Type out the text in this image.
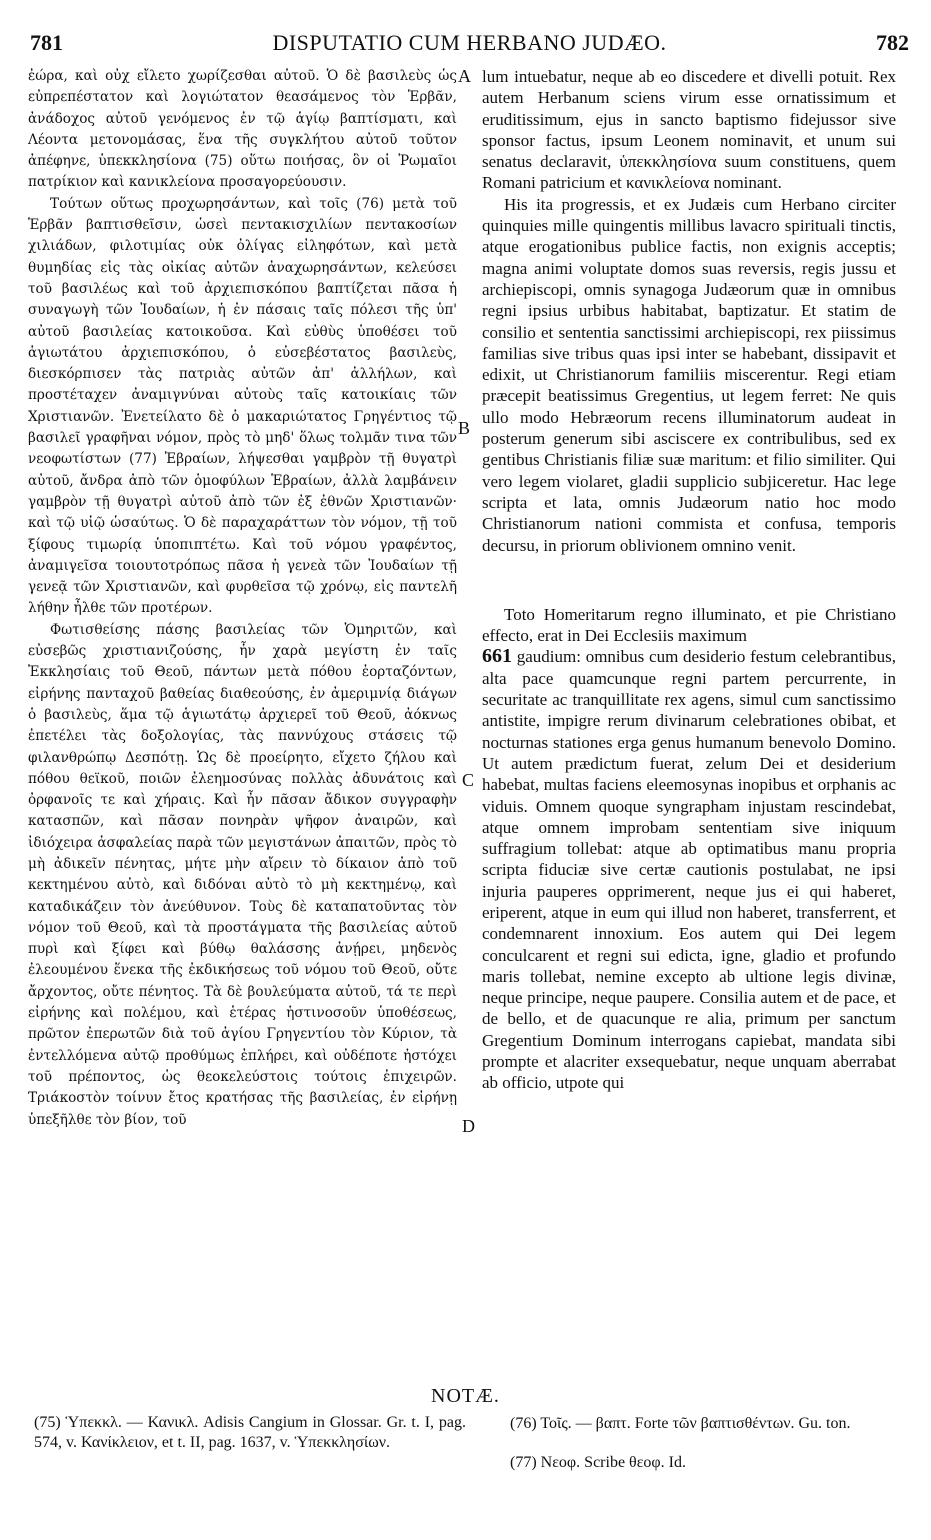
781	DISPUTATIO CUM HERBANO JUDÆO.	782

ἐώρα, καὶ οὐχ εἴλετο χωρίζεσθαι αὐτοῦ. Ὁ δὲ βασιλεὺς ὡς εὐπρεπέστατον καὶ λογιώτατον θεασάμενος τὸν Ἑρβᾶν, ἀνάδοχος αὐτοῦ γενόμενος ἐν τῷ ἁγίῳ βαπτίσματι, καὶ Λέοντα μετονομάσας, ἕνα τῆς συγκλήτου αὐτοῦ τοῦτον ἀπέφηνε, ὑπεκκλησίονα (75) οὕτω ποιήσας, ὃν οἱ Ῥωμαῖοι πατρίκιον καὶ κανικλείονα προσαγορεύουσιν.

Τούτων οὕτως προχωρησάντων, καὶ τοῖς (76) μετὰ τοῦ Ἑρβᾶν βαπτισθεῖσιν, ὡσεὶ πεντακισχιλίων πεντακοσίων χιλιάδων, φιλοτιμίας οὐκ ὀλίγας εἰληφότων, καὶ μετὰ θυμηδίας εἰς τὰς οἰκίας αὐτῶν ἀναχωρησάντων, κελεύσει τοῦ βασιλέως καὶ τοῦ ἀρχιεπισκόπου βαπτίζεται πᾶσα ἡ συναγωγὴ τῶν Ἰουδαίων, ἡ ἐν πάσαις ταῖς πόλεσι τῆς ὑπ' αὐτοῦ βασιλείας κατοικοῦσα. Καὶ εὐθὺς ὑποθέσει τοῦ ἁγιωτάτου ἀρχιεπισκόπου, ὁ εὐσεβέστατος βασιλεὺς, διεσκόρπισεν τὰς πατριὰς αὐτῶν ἀπ' ἀλλήλων, καὶ προστέταχεν ἀναμιγνύναι αὐτοὺς ταῖς κατοικίαις τῶν Χριστιανῶν. Ἐνετείλατο δὲ ὁ μακαριώτατος Γρηγέντιος τῷ βασιλεῖ γραφῆναι νόμον, πρὸς τὸ μηδ' ὅλως τολμᾶν τινα τῶν νεοφωτίστων (77) Ἑβραίων, λήψεσθαι γαμβρὸν τῇ θυγατρὶ αὐτοῦ, ἄνδρα ἀπὸ τῶν ὁμοφύλων Ἑβραίων, ἀλλὰ λαμβάνειν γαμβρὸν τῇ θυγατρὶ αὐτοῦ ἀπὸ τῶν ἐξ ἐθνῶν Χριστιανῶν· καὶ τῷ υἱῷ ὡσαύτως. Ὁ δὲ παραχαράττων τὸν νόμον, τῇ τοῦ ξίφους τιμωρίᾳ ὑποπιπτέτω. Καὶ τοῦ νόμου γραφέντος, ἀναμιγεῖσα τοιουτοτρόπως πᾶσα ἡ γενεὰ τῶν Ἰουδαίων τῇ γενεᾷ τῶν Χριστιανῶν, καὶ φυρθεῖσα τῷ χρόνῳ, εἰς παντελῆ λήθην ἦλθε τῶν προτέρων.

Φωτισθείσης πάσης βασιλείας τῶν Ὁμηριτῶν, καὶ εὐσεβῶς χριστιανιζούσης, ἦν χαρὰ μεγίστη ἐν ταῖς Ἐκκλησίαις τοῦ Θεοῦ, πάντων μετὰ πόθου ἑορταζόντων, εἰρήνης πανταχοῦ βαθείας διαθεούσης, ἐν ἀμεριμνίᾳ διάγων ὁ βασιλεὺς, ἅμα τῷ ἁγιωτάτῳ ἀρχιερεῖ τοῦ Θεοῦ, ἀόκνως ἐπετέλει τὰς δοξολογίας, τὰς παννύχους στάσεις τῷ φιλανθρώπῳ Δεσπότῃ. Ὡς δὲ προείρητο, εἴχετο ζήλου καὶ πόθου θεϊκοῦ, ποιῶν ἐλεημοσύνας πολλὰς ἀδυνάτοις καὶ ὀρφανοῖς τε καὶ χήραις. Καὶ ἦν πᾶσαν ἄδικον συγγραφὴν κατασπῶν, καὶ πᾶσαν πονηρὰν ψῆφον ἀναιρῶν, καὶ ἰδιόχειρα ἀσφαλείας παρὰ τῶν μεγιστάνων ἀπαιτῶν, πρὸς τὸ μὴ ἀδικεῖν πένητας, μήτε μὴν αἴρειν τὸ δίκαιον ἀπὸ τοῦ κεκτημένου αὐτὸ, καὶ διδόναι αὐτὸ τὸ μὴ κεκτημένῳ, καὶ καταδικάζειν τὸν ἀνεύθυνον. Τοὺς δὲ καταπατοῦντας τὸν νόμον τοῦ Θεοῦ, καὶ τὰ προστάγματα τῆς βασιλείας αὐτοῦ πυρὶ καὶ ξίφει καὶ βύθῳ θαλάσσης ἀνῄρει, μηδενὸς ἐλεουμένου ἕνεκα τῆς ἐκδικήσεως τοῦ νόμου τοῦ Θεοῦ, οὔτε ἄρχοντος, οὔτε πένητος. Τὰ δὲ βουλεύματα αὐτοῦ, τά τε περὶ εἰρήνης καὶ πολέμου, καὶ ἑτέρας ἡστινοσοῦν ὑποθέσεως, πρῶτον ἐπερωτῶν διὰ τοῦ ἁγίου Γρηγεντίου τὸν Κύριον, τὰ ἐντελλόμενα αὐτῷ προθύμως ἐπλήρει, καὶ οὐδέποτε ἠστόχει τοῦ πρέποντος, ὡς θεοκελεύστοις τούτοις ἐπιχειρῶν. Τριάκοστὸν τοίνυν ἔτος κρατήσας τῆς βασιλείας, ἐν εἰρήνῃ ὑπεξῆλθε τὸν βίον, τοῦ

lum intuebatur, neque ab eo discedere et divelli potuit. Rex autem Herbanum sciens virum esse ornatissimum et eruditissimum, ejus in sancto baptismo fidejussor sive sponsor factus, ipsum Leonem nominavit, et unum sui senatus declaravit, ὑπεκκλησίονα suum constituens, quem Romani patricium et κανικλείονα nominant.

His ita progressis, et ex Judæis cum Herbano circiter quinquies mille quingentis millibus lavacro spirituali tinctis, atque erogationibus publice factis, non exignis acceptis; magna animi voluptate domos suas reversis, regis jussu et archiepiscopi, omnis synagoga Judæorum quæ in omnibus regni ipsius urbibus habitabat, baptizatur. Et statim de consilio et sententia sanctissimi archiepiscopi, rex piissimus familias sive tribus quas ipsi inter se habebant, dissipavit et edixit, ut Christianorum familiis miscerentur. Regi etiam præcepit beatissimus Gregentius, ut legem ferret: Ne quis ullo modo Hebræorum recens illuminatorum audeat in posterum generum sibi asciscere ex contribulibus, sed ex gentibus Christianis filiæ suæ maritum: et filio similiter. Qui vero legem violaret, gladii supplicio subjiceretur. Hac lege scripta et lata, omnis Judæorum natio hoc modo Christianorum nationi commista et confusa, temporis decursu, in priorum oblivionem omnino venit.

Toto Homeritarum regno illuminato, et pie Christiano effecto, erat in Dei Ecclesiis maximum

661 gaudium: omnibus cum desiderio festum celebrantibus, alta pace quamcunque regni partem percurrente, in securitate ac tranquillitate rex agens, simul cum sanctissimo antistite, impigre rerum divinarum celebrationes obibat, et nocturnas stationes erga genus humanum benevolo Domino. Ut autem prædictum fuerat, zelum Dei et desiderium habebat, multas faciens eleemosynas inopibus et orphanis ac viduis. Omnem quoque syngrapham injustam rescindebat, atque omnem improbam sententiam sive iniquum suffragium tollebat: atque ab optimatibus manu propria scripta fiduciæ sive certæ cautionis postulabat, ne ipsi injuria pauperes opprimerent, neque jus ei qui haberet, eriperent, atque in eum qui illud non haberet, transferrent, et condemnarent innoxium. Eos autem qui Dei legem conculcarent et regni sui edicta, igne, gladio et profundo maris tollebat, nemine excepto ab ultione legis divinæ, neque principe, neque paupere. Consilia autem et de pace, et de bello, et de quacunque re alia, primum per sanctum Gregentium Dominum interrogans capiebat, mandata sibi prompte et alacriter exsequebatur, neque unquam aberrabat ab officio, utpote qui

A
B
C
D
NOTÆ.
(75) Ὑπεκκλ. — Κανικλ. Adisis Cangium in Glossar. Gr. t. I, pag. 574, v. Κανίκλειον, et t. II, pag. 1637, v. Ὑπεκκλησίων.
(76) Τοῖς. — βαπτ. Forte τῶν βαπτισθέντων. Gu. ton.
(77) Νεοφ. Scribe θεοφ. Id.
